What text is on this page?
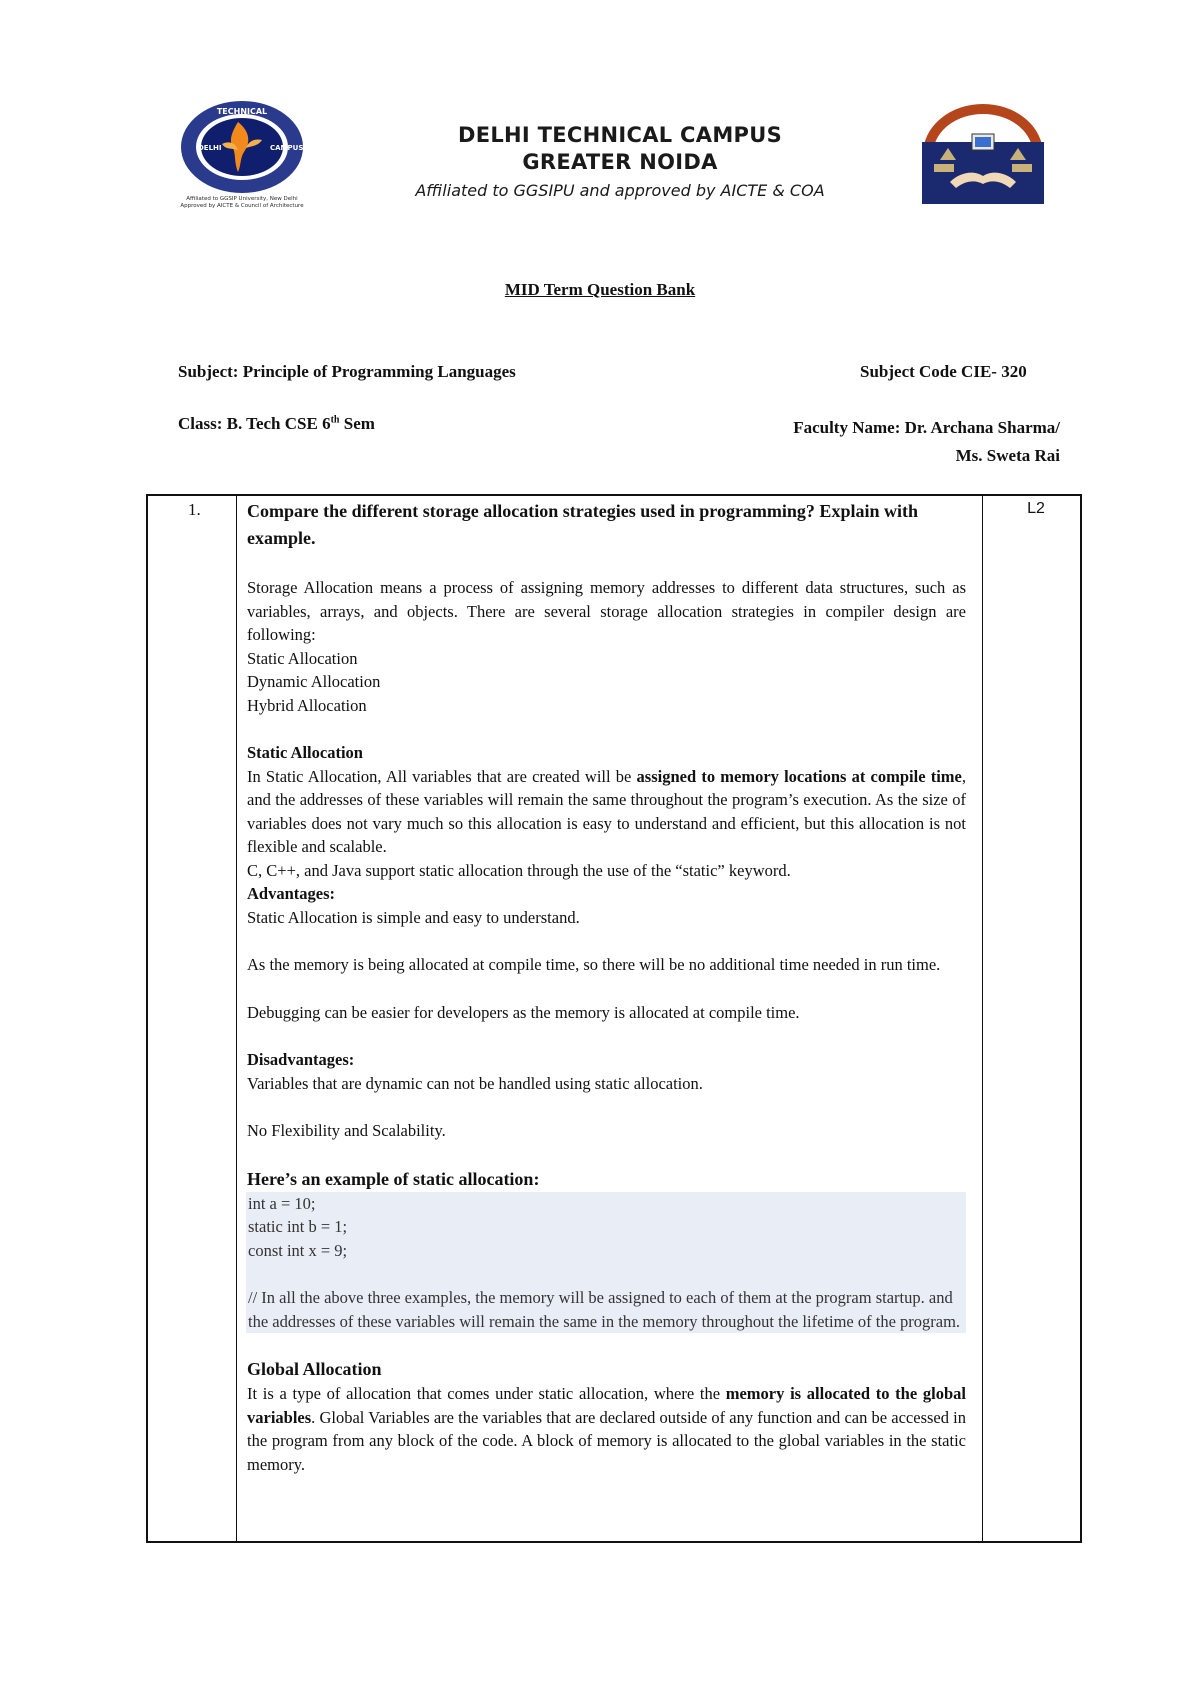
TECHNICAL
DELHI	CAMPUS
Affiliated to GGSIP University, New Delhi
Approved by AICTE & Council of Architecture
DELHI TECHNICAL CAMPUS
GREATER NOIDA
Affiliated to GGSIPU and approved by AICTE & COA
MID Term Question Bank
Subject: Principle of Programming Languages	Subject Code CIE- 320
Class: B. Tech CSE 6th Sem	Faculty Name: Dr. Archana Sharma/
Ms. Sweta Rai
1.	L2

Compare the different storage allocation strategies used in programming? Explain with example.

Storage Allocation means a process of assigning memory addresses to different data structures, such as variables, arrays, and objects. There are several storage allocation strategies in compiler design are following:

Static Allocation

Dynamic Allocation

Hybrid Allocation

Static Allocation

In Static Allocation, All variables that are created will be assigned to memory locations at compile time, and the addresses of these variables will remain the same throughout the program’s execution. As the size of variables does not vary much so this allocation is easy to understand and efficient, but this allocation is not flexible and scalable.

C, C++, and Java support static allocation through the use of the “static” keyword.

Advantages:

Static Allocation is simple and easy to understand.

As the memory is being allocated at compile time, so there will be no additional time needed in run time.

Debugging can be easier for developers as the memory is allocated at compile time.

Disadvantages:

Variables that are dynamic can not be handled using static allocation.

No Flexibility and Scalability.

Here’s an example of static allocation:

int a = 10;

static int b = 1;

const int x = 9;

// In all the above three examples, the memory will be assigned to each of them at the program startup. and the addresses of these variables will remain the same in the memory throughout the lifetime of the program.

Global Allocation

It is a type of allocation that comes under static allocation, where the memory is allocated to the global variables. Global Variables are the variables that are declared outside of any function and can be accessed in the program from any block of the code. A block of memory is allocated to the global variables in the static memory.
